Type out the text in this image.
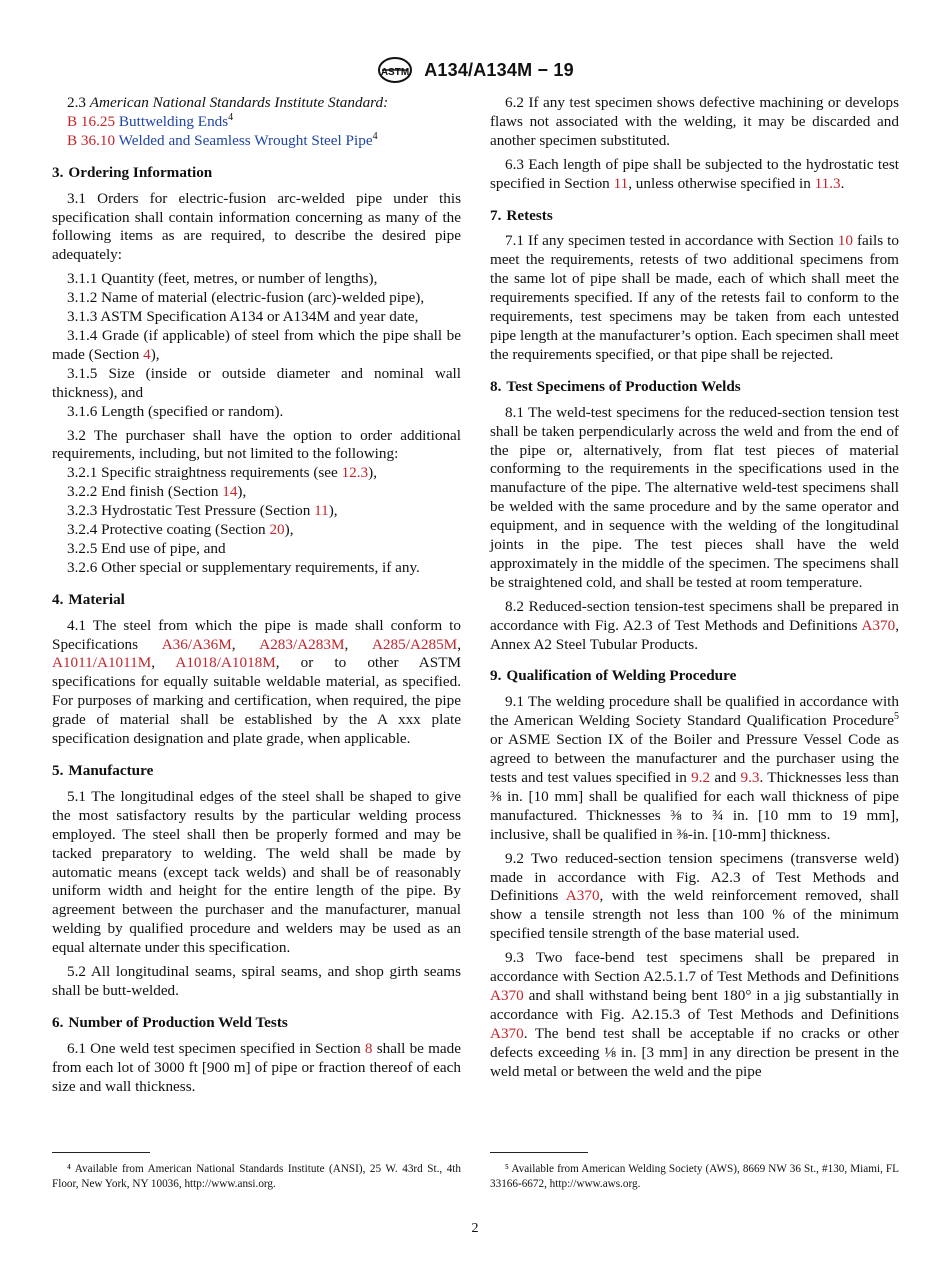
ASTM A134/A134M − 19

2.3 American National Standards Institute Standard:

B 16.25 Buttwelding Ends$^4$

B 36.10 Welded and Seamless Wrought Steel Pipe$^4$

3. Ordering Information

3.1 Orders for electric-fusion arc-welded pipe under this specification shall contain information concerning as many of the following items as are required, to describe the desired pipe adequately:

3.1.1 Quantity (feet, metres, or number of lengths),

3.1.2 Name of material (electric-fusion (arc)-welded pipe),

3.1.3 ASTM Specification A134 or A134M and year date,

3.1.4 Grade (if applicable) of steel from which the pipe shall be made (Section 4),

3.1.5 Size (inside or outside diameter and nominal wall thickness), and

3.1.6 Length (specified or random).

3.2 The purchaser shall have the option to order additional requirements, including, but not limited to the following:

3.2.1 Specific straightness requirements (see 12.3),

3.2.2 End finish (Section 14),

3.2.3 Hydrostatic Test Pressure (Section 11),

3.2.4 Protective coating (Section 20),

3.2.5 End use of pipe, and

3.2.6 Other special or supplementary requirements, if any.

4. Material

4.1 The steel from which the pipe is made shall conform to Specifications A36/A36M, A283/A283M, A285/A285M, A1011/A1011M, A1018/A1018M, or to other ASTM specifications for equally suitable weldable material, as specified. For purposes of marking and certification, when required, the pipe grade of material shall be established by the A xxx plate specification designation and plate grade, when applicable.

5. Manufacture

5.1 The longitudinal edges of the steel shall be shaped to give the most satisfactory results by the particular welding process employed. The steel shall then be properly formed and may be tacked preparatory to welding. The weld shall be made by automatic means (except tack welds) and shall be of reasonably uniform width and height for the entire length of the pipe. By agreement between the purchaser and the manufacturer, manual welding by qualified procedure and welders may be used as an equal alternate under this specification.

5.2 All longitudinal seams, spiral seams, and shop girth seams shall be butt-welded.

6. Number of Production Weld Tests

6.1 One weld test specimen specified in Section 8 shall be made from each lot of 3000 ft [900 m] of pipe or fraction thereof of each size and wall thickness.

6.2 If any test specimen shows defective machining or develops flaws not associated with the welding, it may be discarded and another specimen substituted.

6.3 Each length of pipe shall be subjected to the hydrostatic test specified in Section 11, unless otherwise specified in 11.3.

7. Retests

7.1 If any specimen tested in accordance with Section 10 fails to meet the requirements, retests of two additional specimens from the same lot of pipe shall be made, each of which shall meet the requirements specified. If any of the retests fail to conform to the requirements, test specimens may be taken from each untested pipe length at the manufacturer’s option. Each specimen shall meet the requirements specified, or that pipe shall be rejected.

8. Test Specimens of Production Welds

8.1 The weld-test specimens for the reduced-section tension test shall be taken perpendicularly across the weld and from the end of the pipe or, alternatively, from flat test pieces of material conforming to the requirements in the specifications used in the manufacture of the pipe. The alternative weld-test specimens shall be welded with the same procedure and by the same operator and equipment, and in sequence with the welding of the longitudinal joints in the pipe. The test pieces shall have the weld approximately in the middle of the specimen. The specimens shall be straightened cold, and shall be tested at room temperature.

8.2 Reduced-section tension-test specimens shall be prepared in accordance with Fig. A2.3 of Test Methods and Definitions A370, Annex A2 Steel Tubular Products.

9. Qualification of Welding Procedure

9.1 The welding procedure shall be qualified in accordance with the American Welding Society Standard Qualification Procedure$^5$ or ASME Section IX of the Boiler and Pressure Vessel Code as agreed to between the manufacturer and the purchaser using the tests and test values specified in 9.2 and 9.3. Thicknesses less than ⅜ in. [10 mm] shall be qualified for each wall thickness of pipe manufactured. Thicknesses ⅜ to ¾ in. [10 mm to 19 mm], inclusive, shall be qualified in ⅜-in. [10-mm] thickness.

9.2 Two reduced-section tension specimens (transverse weld) made in accordance with Fig. A2.3 of Test Methods and Definitions A370, with the weld reinforcement removed, shall show a tensile strength not less than 100 % of the minimum specified tensile strength of the base material used.

9.3 Two face-bend test specimens shall be prepared in accordance with Section A2.5.1.7 of Test Methods and Definitions A370 and shall withstand being bent 180° in a jig substantially in accordance with Fig. A2.15.3 of Test Methods and Definitions A370. The bend test shall be acceptable if no cracks or other defects exceeding ⅛ in. [3 mm] in any direction be present in the weld metal or between the weld and the pipe

⁴ Available from American National Standards Institute (ANSI), 25 W. 43rd St., 4th Floor, New York, NY 10036, http://www.ansi.org.
⁵ Available from American Welding Society (AWS), 8669 NW 36 St., #130, Miami, FL 33166-6672, http://www.aws.org.
2
